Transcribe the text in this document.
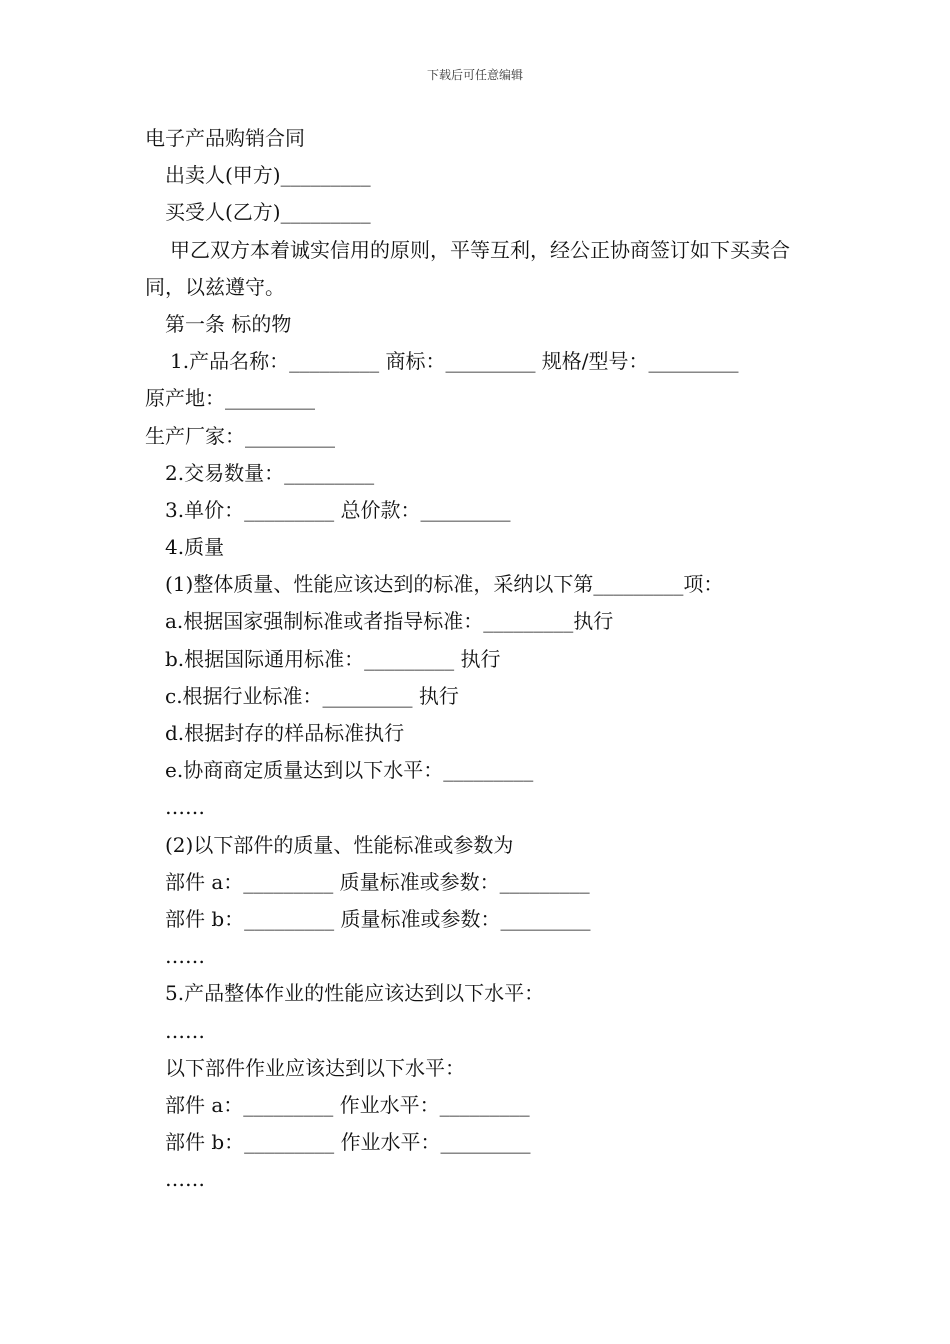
下载后可任意编辑
电子产品购销合同
出卖人(甲方)_________
买受人(乙方)_________
甲乙双方本着诚实信用的原则，平等互利，经公正协商签订如下买卖合同，以兹遵守。
第一条 标的物
1.产品名称：_________ 商标：_________ 规格/型号：_________
原产地：_________
生产厂家：_________
2.交易数量：_________
3.单价：_________ 总价款：_________
4.质量
(1)整体质量、性能应该达到的标准，采纳以下第_________项：
a.根据国家强制标准或者指导标准：_________执行
b.根据国际通用标准：_________ 执行
c.根据行业标准：_________ 执行
d.根据封存的样品标准执行
e.协商商定质量达到以下水平：_________
……
(2)以下部件的质量、性能标准或参数为
部件 a：_________ 质量标准或参数：_________
部件 b：_________ 质量标准或参数：_________
……
5.产品整体作业的性能应该达到以下水平：
……
以下部件作业应该达到以下水平：
部件 a：_________ 作业水平：_________
部件 b：_________ 作业水平：_________
……
